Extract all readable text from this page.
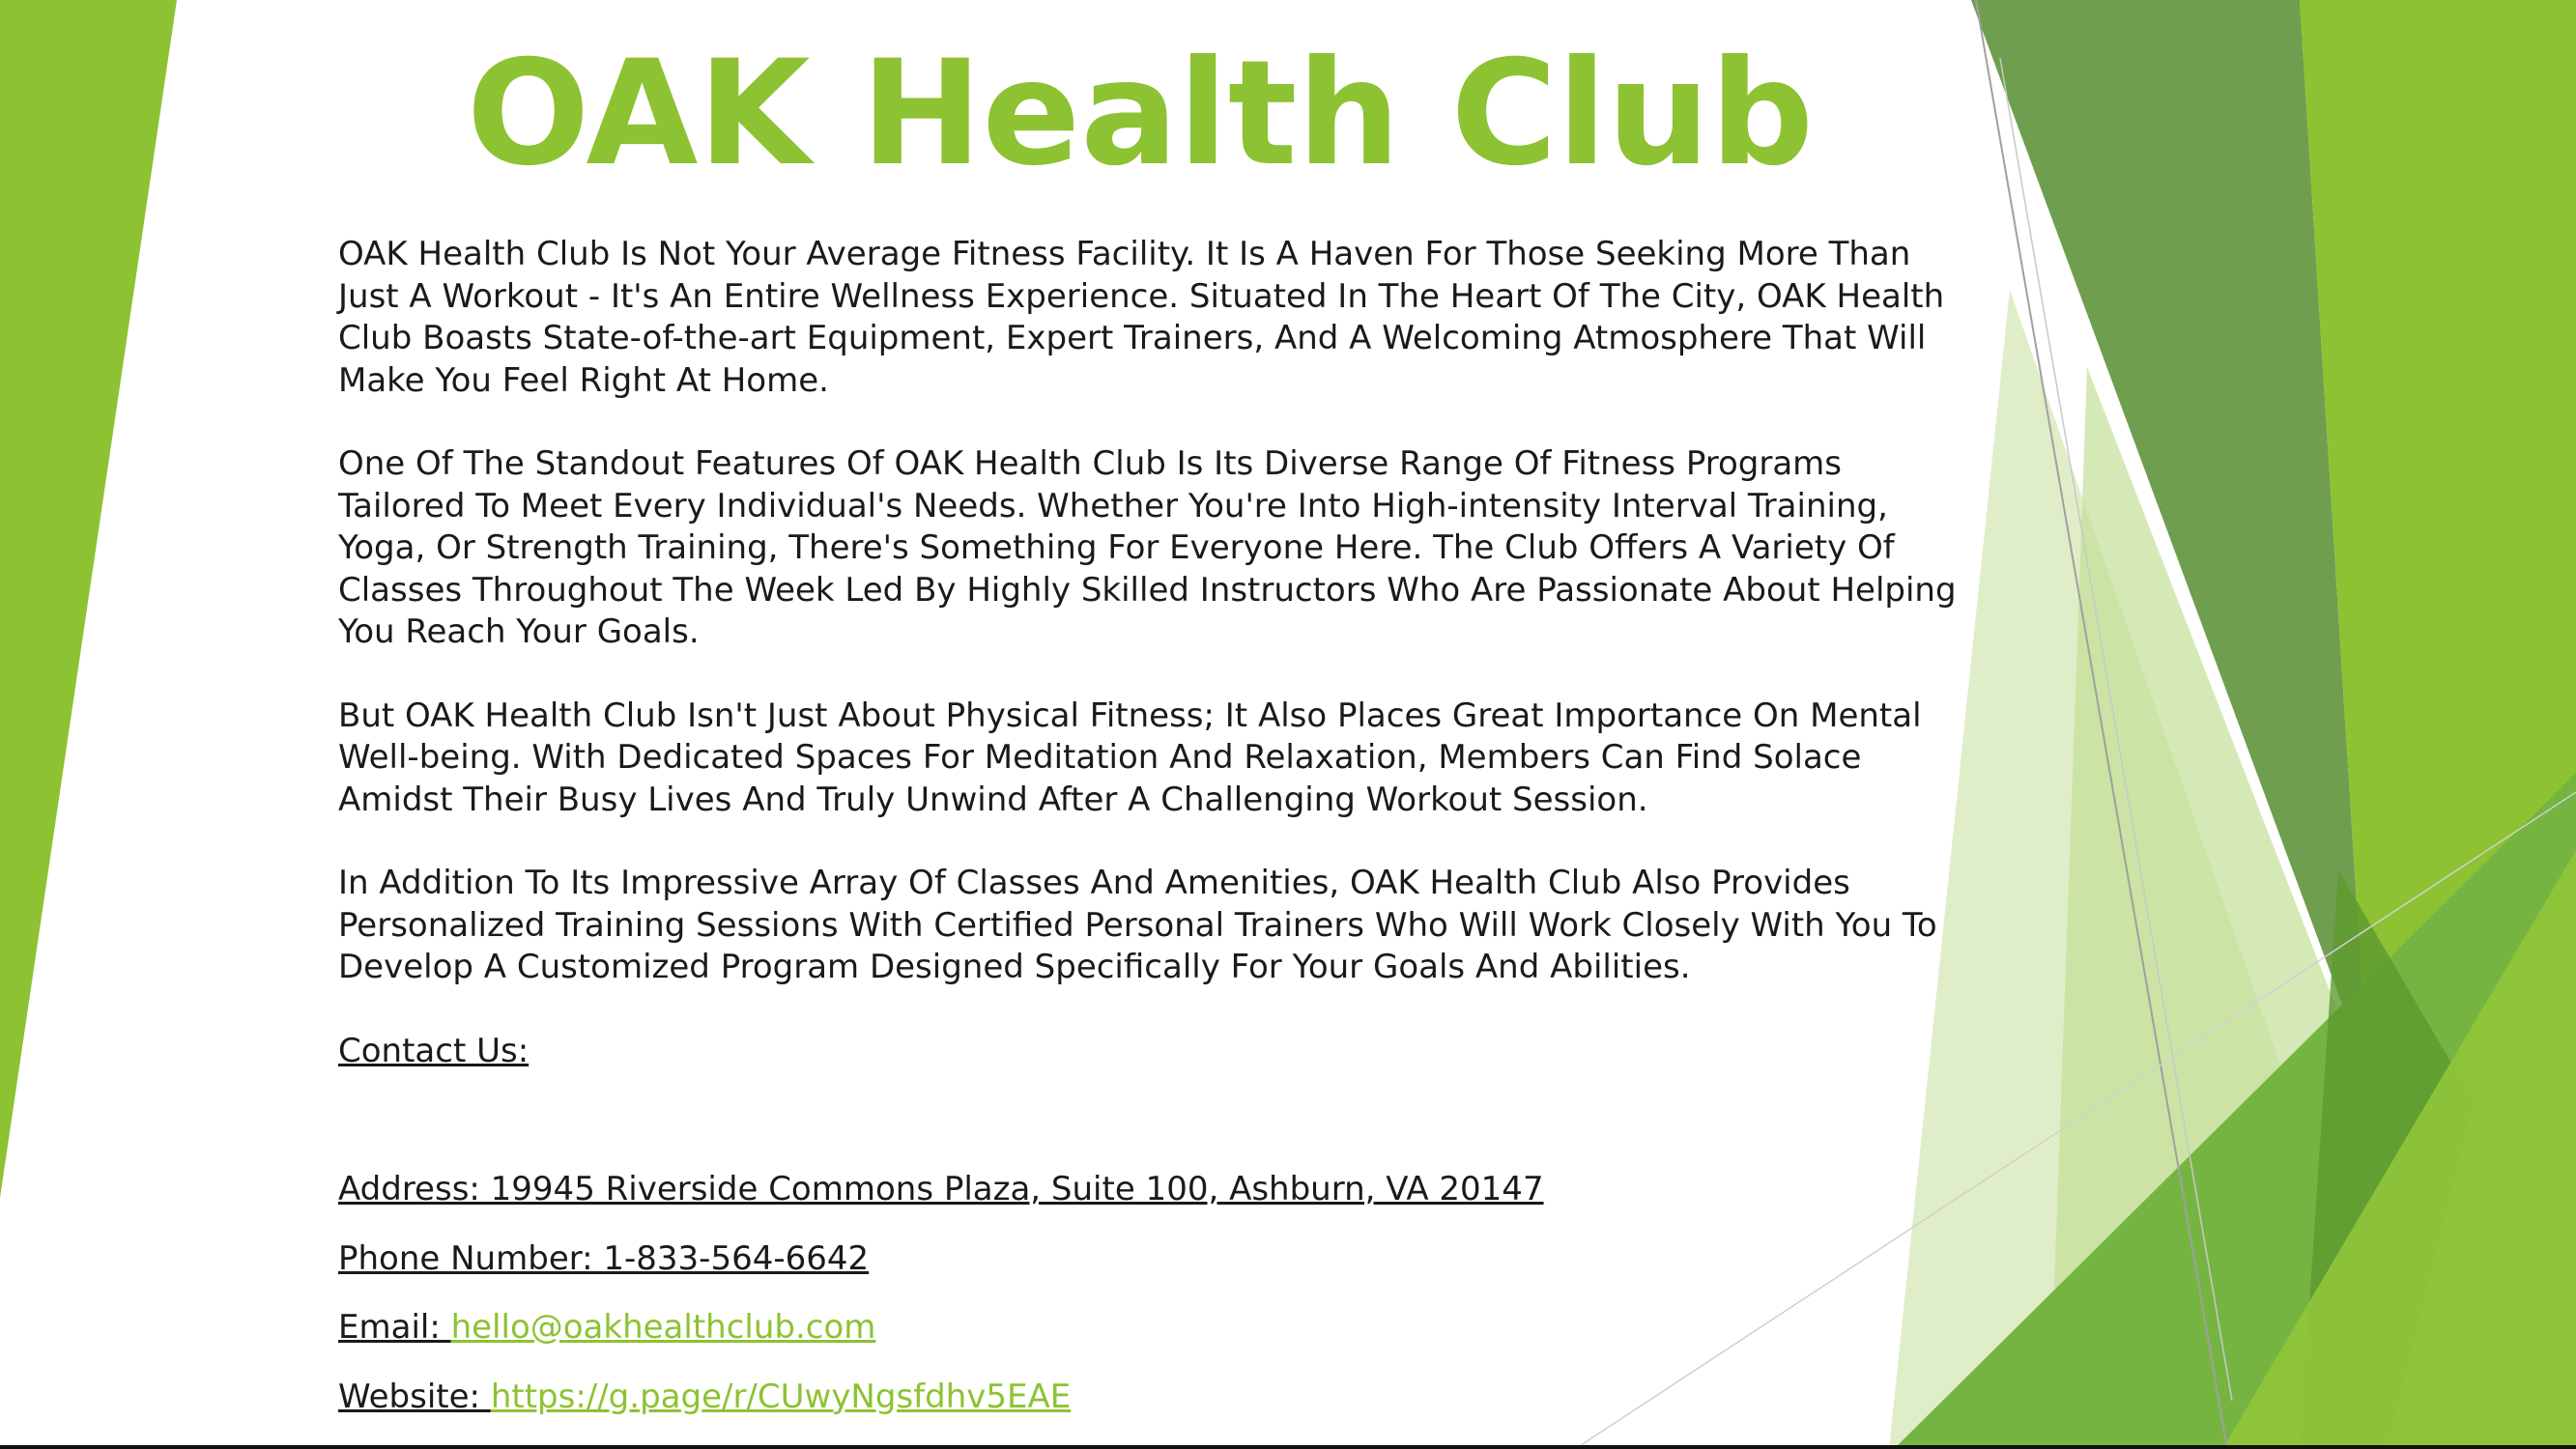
OAK Health Club

OAK Health Club Is Not Your Average Fitness Facility. It Is A Haven For Those Seeking More Than Just A Workout - It's An Entire Wellness Experience. Situated In The Heart Of The City, OAK Health Club Boasts State-of-the-art Equipment, Expert Trainers, And A Welcoming Atmosphere That Will Make You Feel Right At Home.

One Of The Standout Features Of OAK Health Club Is Its Diverse Range Of Fitness Programs Tailored To Meet Every Individual's Needs. Whether You're Into High-intensity Interval Training, Yoga, Or Strength Training, There's Something For Everyone Here. The Club Offers A Variety Of Classes Throughout The Week Led By Highly Skilled Instructors Who Are Passionate About Helping You Reach Your Goals.

But OAK Health Club Isn't Just About Physical Fitness; It Also Places Great Importance On Mental Well-being. With Dedicated Spaces For Meditation And Relaxation, Members Can Find Solace Amidst Their Busy Lives And Truly Unwind After A Challenging Workout Session.

In Addition To Its Impressive Array Of Classes And Amenities, OAK Health Club Also Provides Personalized Training Sessions With Certified Personal Trainers Who Will Work Closely With You To Develop A Customized Program Designed Specifically For Your Goals And Abilities.

Contact Us:

Address: 19945 Riverside Commons Plaza, Suite 100, Ashburn, VA 20147

Phone Number: 1-833-564-6642

Email: hello@oakhealthclub.com

Website: https://g.page/r/CUwyNgsfdhv5EAE
